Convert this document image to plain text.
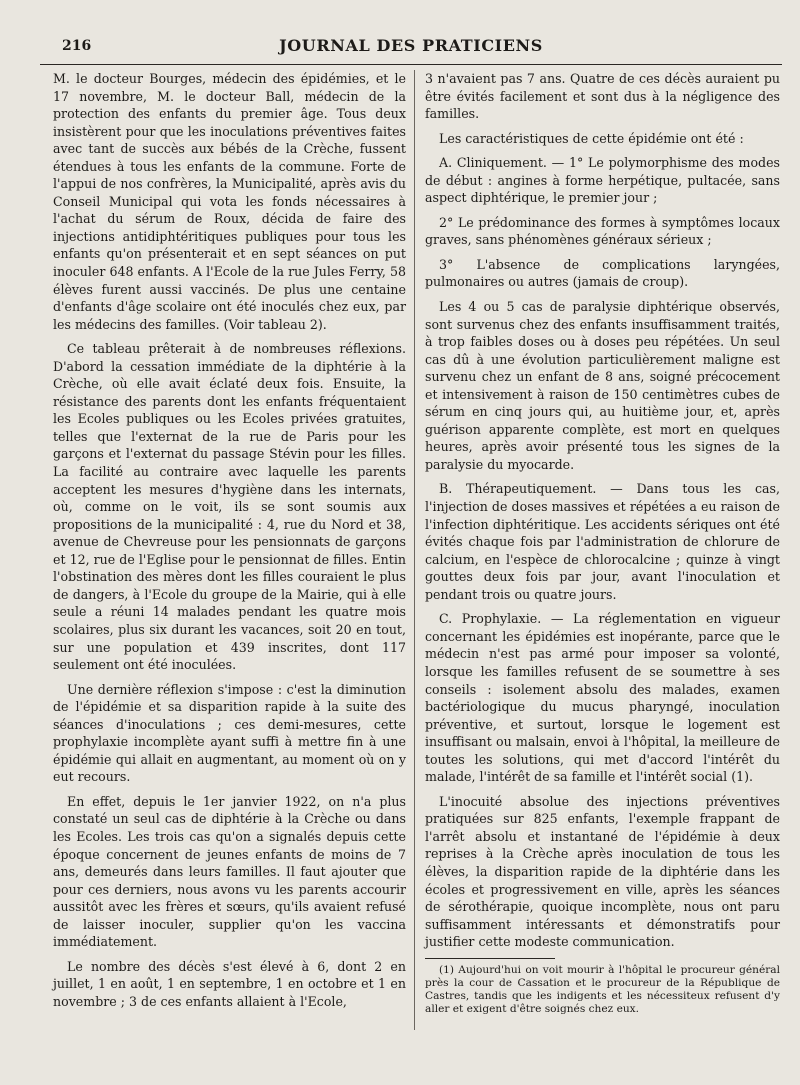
216	JOURNAL DES PRATICIENS

M. le docteur Bourges, médecin des épidémies, et le 17 novembre, M. le docteur Ball, médecin de la protection des enfants du premier âge. Tous deux insistèrent pour que les inoculations préventives faites avec tant de succès aux bébés de la Crèche, fussent étendues à tous les enfants de la commune. Forte de l'appui de nos confrères, la Municipalité, après avis du Conseil Municipal qui vota les fonds nécessaires à l'achat du sérum de Roux, décida de faire des injections antidiphtéritiques publiques pour tous les enfants qu'on présenterait et en sept séances on put inoculer 648 enfants. A l'Ecole de la rue Jules Ferry, 58 élèves furent aussi vaccinés. De plus une centaine d'enfants d'âge scolaire ont été inoculés chez eux, par les médecins des familles. (Voir tableau 2).

Ce tableau prêterait à de nombreuses réflexions. D'abord la cessation immédiate de la diphtérie à la Crèche, où elle avait éclaté deux fois. Ensuite, la résistance des parents dont les enfants fréquentaient les Ecoles publiques ou les Ecoles privées gratuites, telles que l'externat de la rue de Paris pour les garçons et l'externat du passage Stévin pour les filles. La facilité au contraire avec laquelle les parents acceptent les mesures d'hygiène dans les internats, où, comme on le voit, ils se sont soumis aux propositions de la municipalité : 4, rue du Nord et 38, avenue de Chevreuse pour les pensionnats de garçons et 12, rue de l'Eglise pour le pensionnat de filles. Entin l'obstination des mères dont les filles couraient le plus de dangers, à l'Ecole du groupe de la Mairie, qui à elle seule a réuni 14 malades pendant les quatre mois scolaires, plus six durant les vacances, soit 20 en tout, sur une population et 439 inscrites, dont 117 seulement ont été inoculées.

Une dernière réflexion s'impose : c'est la diminution de l'épidémie et sa disparition rapide à la suite des séances d'inoculations ; ces demi-mesures, cette prophylaxie incomplète ayant suffi à mettre fin à une épidémie qui allait en augmentant, au moment où on y eut recours.

En effet, depuis le 1er janvier 1922, on n'a plus constaté un seul cas de diphtérie à la Crèche ou dans les Ecoles. Les trois cas qu'on a signalés depuis cette époque concernent de jeunes enfants de moins de 7 ans, demeurés dans leurs familles. Il faut ajouter que pour ces derniers, nous avons vu les parents accourir aussitôt avec les frères et sœurs, qu'ils avaient refusé de laisser inoculer, supplier qu'on les vaccina immédiatement.

Le nombre des décès s'est élevé à 6, dont 2 en juillet, 1 en août, 1 en septembre, 1 en octobre et 1 en novembre ; 3 de ces enfants allaient à l'Ecole,

3 n'avaient pas 7 ans. Quatre de ces décès auraient pu être évités facilement et sont dus à la négligence des familles.

Les caractéristiques de cette épidémie ont été :

A. Cliniquement. — 1° Le polymorphisme des modes de début : angines à forme herpétique, pultacée, sans aspect diphtérique, le premier jour ;

2° Le prédominance des formes à symptômes locaux graves, sans phénomènes généraux sérieux ;

3° L'absence de complications laryngées, pulmonaires ou autres (jamais de croup).

Les 4 ou 5 cas de paralysie diphtérique observés, sont survenus chez des enfants insuffisamment traités, à trop faibles doses ou à doses peu répétées. Un seul cas dû à une évolution particulièrement maligne est survenu chez un enfant de 8 ans, soigné précocement et intensivement à raison de 150 centimètres cubes de sérum en cinq jours qui, au huitième jour, et, après guérison apparente complète, est mort en quelques heures, après avoir présenté tous les signes de la paralysie du myocarde.

B. Thérapeutiquement. — Dans tous les cas, l'injection de doses massives et répétées a eu raison de l'infection diphtéritique. Les accidents sériques ont été évités chaque fois par l'administration de chlorure de calcium, en l'espèce de chlorocalcine ; quinze à vingt gouttes deux fois par jour, avant l'inoculation et pendant trois ou quatre jours.

C. Prophylaxie. — La réglementation en vigueur concernant les épidémies est inopérante, parce que le médecin n'est pas armé pour imposer sa volonté, lorsque les familles refusent de se soumettre à ses conseils : isolement absolu des malades, examen bactériologique du mucus pharyngé, inoculation préventive, et surtout, lorsque le logement est insuffisant ou malsain, envoi à l'hôpital, la meilleure de toutes les solutions, qui met d'accord l'intérêt du malade, l'intérêt de sa famille et l'intérêt social (1).

L'inocuité absolue des injections préventives pratiquées sur 825 enfants, l'exemple frappant de l'arrêt absolu et instantané de l'épidémie à deux reprises à la Crèche après inoculation de tous les élèves, la disparition rapide de la diphtérie dans les écoles et progressivement en ville, après les séances de sérothérapie, quoique incomplète, nous ont paru suffisamment intéressants et démonstratifs pour justifier cette modeste communication.

(1) Aujourd'hui on voit mourir à l'hôpital le procureur général près la cour de Cassation et le procureur de la République de Castres, tandis que les indigents et les nécessiteux refusent d'y aller et exigent d'être soignés chez eux.
